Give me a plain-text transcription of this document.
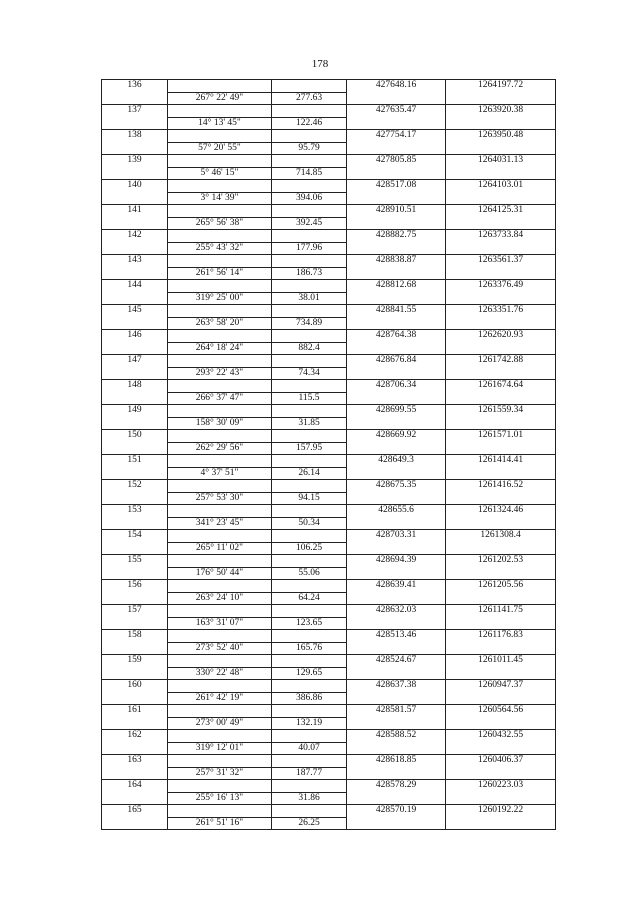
178
136			427648.16	1264197.72
	267° 22' 49"	277.63		
137			427635.47	1263920.38
	14° 13' 45"	122.46		
138			427754.17	1263950.48
	57° 20' 55"	95.79		
139			427805.85	1264031.13
	5° 46' 15"	714.85		
140			428517.08	1264103.01
	3° 14' 39"	394.06		
141			428910.51	1264125.31
	265° 56' 38"	392.45		
142			428882.75	1263733.84
	255° 43' 32"	177.96		
143			428838.87	1263561.37
	261° 56' 14"	186.73		
144			428812.68	1263376.49
	319° 25' 00"	38.01		
145			428841.55	1263351.76
	263° 58' 20"	734.89		
146			428764.38	1262620.93
	264° 18' 24"	882.4		
147			428676.84	1261742.88
	293° 22' 43"	74.34		
148			428706.34	1261674.64
	266° 37' 47"	115.5		
149			428699.55	1261559.34
	158° 30' 09"	31.85		
150			428669.92	1261571.01
	262° 29' 56"	157.95		
151			428649.3	1261414.41
	4° 37' 51"	26.14		
152			428675.35	1261416.52
	257° 53' 30"	94.15		
153			428655.6	1261324.46
	341° 23' 45"	50.34		
154			428703.31	1261308.4
	265° 11' 02"	106.25		
155			428694.39	1261202.53
	176° 50' 44"	55.06		
156			428639.41	1261205.56
	263° 24' 10"	64.24		
157			428632.03	1261141.75
	163° 31' 07"	123.65		
158			428513.46	1261176.83
	273° 52' 40"	165.76		
159			428524.67	1261011.45
	330° 22' 48"	129.65		
160			428637.38	1260947.37
	261° 42' 19"	386.86		
161			428581.57	1260564.56
	273° 00' 49"	132.19		
162			428588.52	1260432.55
	319° 12' 01"	40.07		
163			428618.85	1260406.37
	257° 31' 32"	187.77		
164			428578.29	1260223.03
	255° 16' 13"	31.86		
165			428570.19	1260192.22
	261° 51' 16"	26.25		
